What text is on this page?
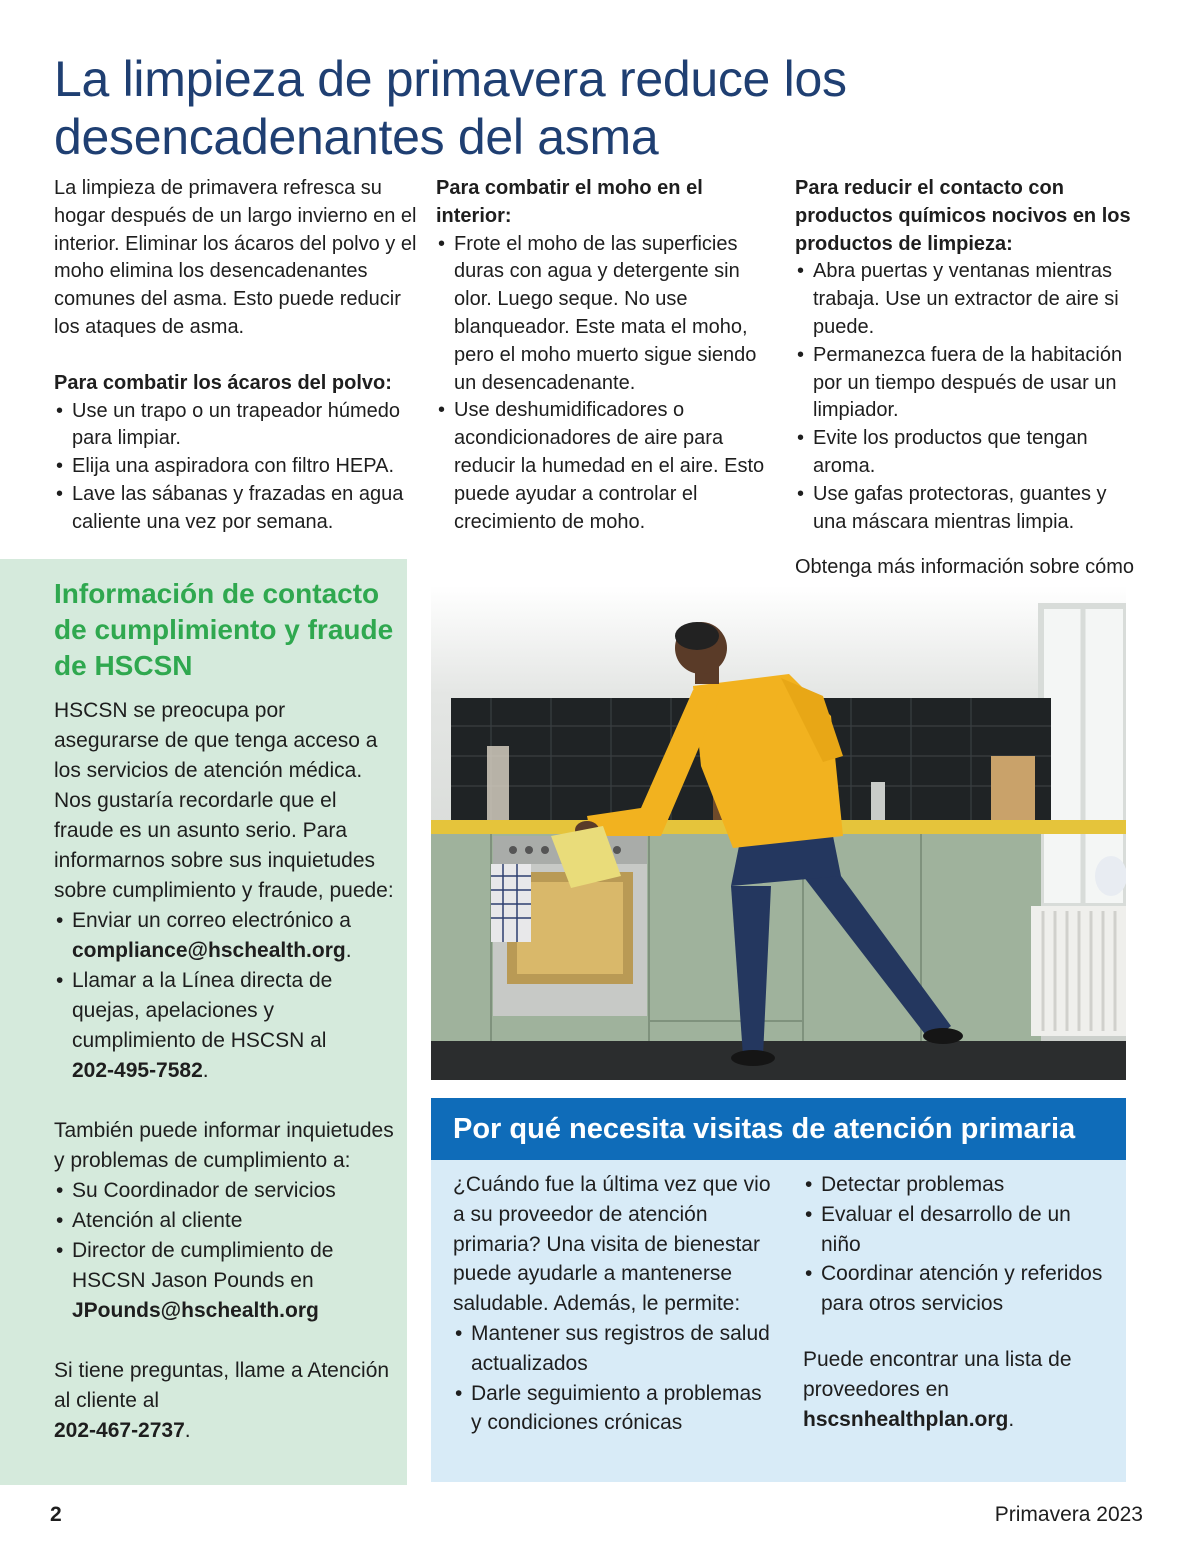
La limpieza de primavera reduce los
desencadenantes del asma

La limpieza de primavera refresca su hogar después de un largo invierno en el interior. Eliminar los ácaros del polvo y el moho elimina los desencadenantes comunes del asma. Esto puede reducir los ataques de asma.

Para combatir los ácaros del polvo:

• Use un trapo o un trapeador húmedo para limpiar.
• Elija una aspiradora con filtro HEPA.
• Lave las sábanas y frazadas en agua caliente una vez por semana.

Para combatir el moho en el interior:

• Frote el moho de las superficies duras con agua y detergente sin olor. Luego seque. No use blanqueador. Este mata el moho, pero el moho muerto sigue siendo un desencadenante.
• Use deshumidificadores o acondicionadores de aire para reducir la humedad en el aire. Esto puede ayudar a controlar el crecimiento de moho.

Para reducir el contacto con productos químicos nocivos en los productos de limpieza:

• Abra puertas y ventanas mientras trabaja. Use un extractor de aire si puede.
• Permanezca fuera de la habitación por un tiempo después de usar un limpiador.
• Evite los productos que tengan aroma.
• Use gafas protectoras, guantes y una máscara mientras limpia.

Obtenga más información sobre cómo

Información de contacto de cumplimiento y fraude de HSCSN

HSCSN se preocupa por asegurarse de que tenga acceso a los servicios de atención médica. Nos gustaría recordarle que el fraude es un asunto serio. Para informarnos sobre sus inquietudes sobre cumplimiento y fraude, puede:

• Enviar un correo electrónico a
compliance@hschealth.org.
• Llamar a la Línea directa de quejas, apelaciones y cumplimiento de HSCSN al
202-495-7582.

También puede informar inquietudes y problemas de cumplimiento a:

• Su Coordinador de servicios
• Atención al cliente
• Director de cumplimiento de HSCSN Jason Pounds en
JPounds@hschealth.org

Si tiene preguntas, llame a Atención al cliente al
202-467-2737.

Por qué necesita visitas de atención primaria

¿Cuándo fue la última vez que vio a su proveedor de atención primaria? Una visita de bienestar puede ayudarle a mantenerse saludable. Además, le permite:

• Mantener sus registros de salud actualizados
• Darle seguimiento a problemas y condiciones crónicas
• Detectar problemas
• Evaluar el desarrollo de un niño
• Coordinar atención y referidos para otros servicios

Puede encontrar una lista de proveedores en
hscsnhealthplan.org.

2	Primavera 2023
